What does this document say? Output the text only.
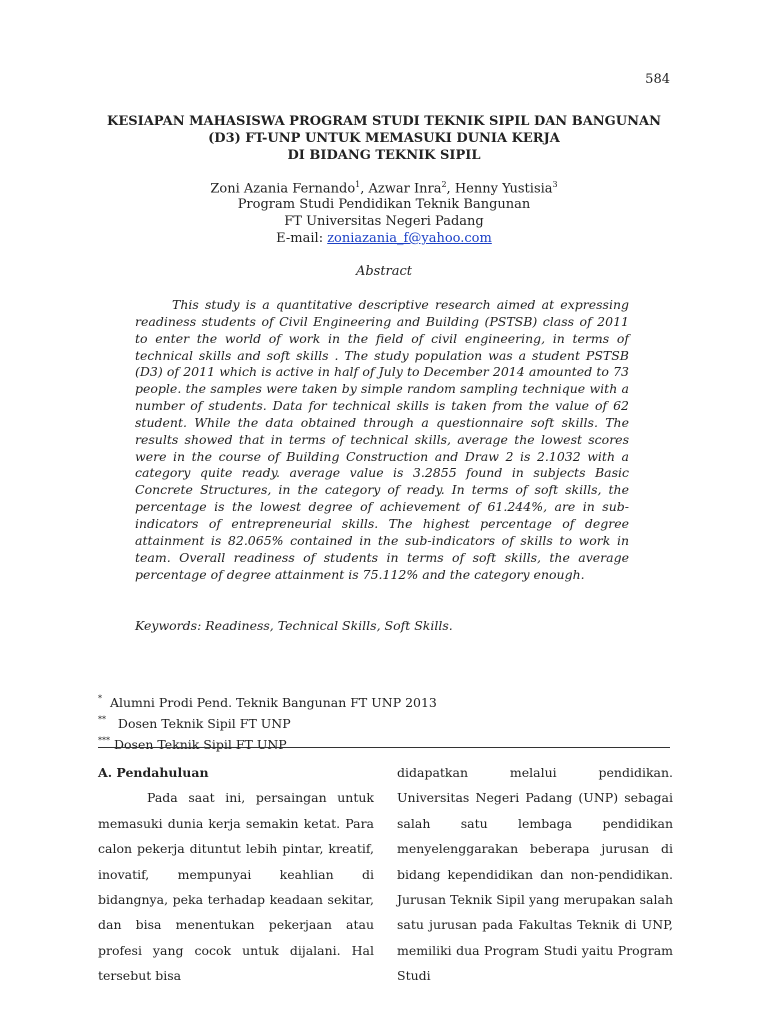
584
KESIAPAN MAHASISWA PROGRAM STUDI TEKNIK SIPIL DAN BANGUNAN
(D3) FT-UNP UNTUK MEMASUKI DUNIA KERJA
DI BIDANG TEKNIK SIPIL
Zoni Azania Fernando$^1$, Azwar Inra$^2$, Henny Yustisia$^3$
Program Studi Pendidikan Teknik Bangunan
FT Universitas Negeri Padang
E-mail: zoniazania_f@yahoo.com
Abstract
This study is a quantitative descriptive research aimed at expressing readiness students of Civil Engineering and Building (PSTSB) class of 2011 to enter the world of work in the field of civil engineering, in terms of technical skills and soft skills . The study population was a student PSTSB (D3) of 2011 which is active in half of July to December 2014 amounted to 73 people. the samples were taken by simple random sampling technique with a number of students. Data for technical skills is taken from the value of 62 student. While the data obtained through a questionnaire soft skills. The results showed that in terms of technical skills, average the lowest scores were in the course of Building Construction and Draw 2 is 2.1032 with a category quite ready. average value is 3.2855 found in subjects Basic Concrete Structures, in the category of ready. In terms of soft skills, the percentage is the lowest degree of achievement of 61.244%, are in sub- indicators of entrepreneurial skills. The highest percentage of degree attainment is 82.065% contained in the sub-indicators of skills to work in team. Overall readiness of students in terms of soft skills, the average percentage of degree attainment is 75.112% and the category enough.
Keywords: Readiness, Technical Skills, Soft Skills.
* Alumni Prodi Pend. Teknik Bangunan FT UNP 2013
** Dosen Teknik Sipil FT UNP
*** Dosen Teknik Sipil FT UNP
A. Pendahuluan
Pada saat ini, persaingan untuk memasuki dunia kerja semakin ketat. Para calon pekerja dituntut lebih pintar, kreatif, inovatif, mempunyai keahlian di bidangnya, peka terhadap keadaan sekitar, dan bisa menentukan pekerjaan atau profesi yang cocok untuk dijalani. Hal tersebut bisa
didapatkan melalui pendidikan. Universitas Negeri Padang (UNP) sebagai salah satu lembaga pendidikan menyelenggarakan beberapa jurusan di bidang kependidikan dan non-pendidikan. Jurusan Teknik Sipil yang merupakan salah satu jurusan pada Fakultas Teknik di UNP, memiliki dua Program Studi yaitu Program Studi
